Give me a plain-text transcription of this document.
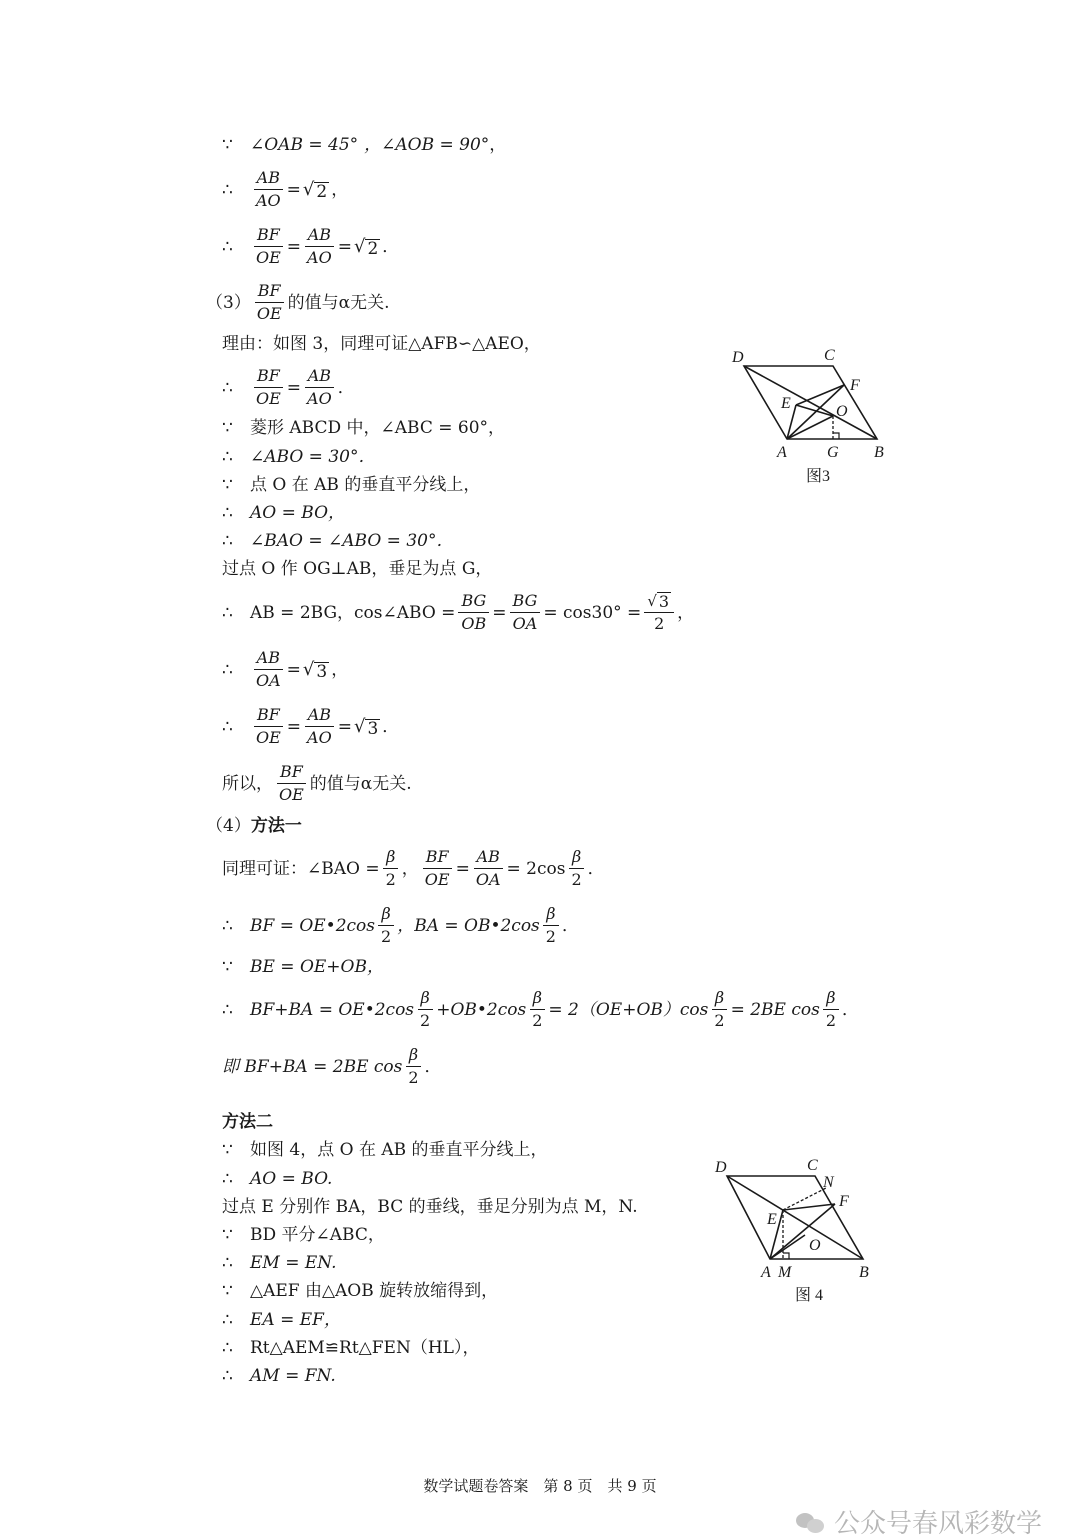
∵	∠OAB = 45° ，∠AOB = 90° ，
∴	$\frac{AB}{AO}$ = √ 2 ，
∴	$\frac{BF}{OE} = \frac{AB}{AO}$ = √ 2 ．
$(3) \frac{BF}{OE}$ 的值与α无关.
理由：如图 3，同理可证△AFB∽△AEO，
∴	$\frac{BF}{OE} = \frac{AB}{AO}$ ．
∵	菱形 ABCD 中，∠ABC = 60°，
∴	∠ABO = 30°．
∵	点 O 在 AB 的垂直平分线上，
∴	AO = BO，
∴	∠BAO = ∠ABO = 30°．
过点 O 作 OG⊥AB，垂足为点 G，
∴	AB = 2BG，cos∠ABO = $\frac{BG}{OB} = \frac{BG}{OA} = \cos 30^\circ = \frac{√ 3}{2}$ ，
∴	$\frac{AB}{OA}$ = √ 3 ，
∴	$\frac{BF}{OE} = \frac{AB}{AO}$ = √ 3 ．
所以， $\frac{BF}{OE}$ 的值与α无关.
（4） 方法一
同理可证：∠BAO = $\frac{\beta}{2}$ ， $\frac{BF}{OE} = \frac{AB}{OA} = 2\cos \frac{\beta}{2}$ ．
∴	BF = OE•2cos $\frac{\beta}{2}$ ，BA = OB•2cos $\frac{\beta}{2}$ ．
∵	BE = OE+OB，
∴	BF+BA = OE•2cos $\frac{\beta}{2}$ +OB•2cos $\frac{\beta}{2} = 2(OE+OB)\cos \frac{\beta}{2} = 2BE$ $\cos \frac{\beta}{2}$ ．
即 BF+BA = 2BE $\cos \frac{\beta}{2}$ ．
方法二
∵	如图 4，点 O 在 AB 的垂直平分线上，
∴	AO = BO.
过点 E 分别作 BA，BC 的垂线，垂足分别为点 M，N.
∵	BD 平分∠ABC，
∴	EM = EN.
∵	△AEF 由△AOB 旋转放缩得到，
∴	EA = EF，
∴	Rt△AEM≌Rt△FEN（HL），
∴	AM = FN.
D	C
F
E	O
A	G B
图3
D	C
N
F
E
O
A M	B
图 4
数学试题卷答案　第 8 页　共 9 页
公众号春风彩数学
